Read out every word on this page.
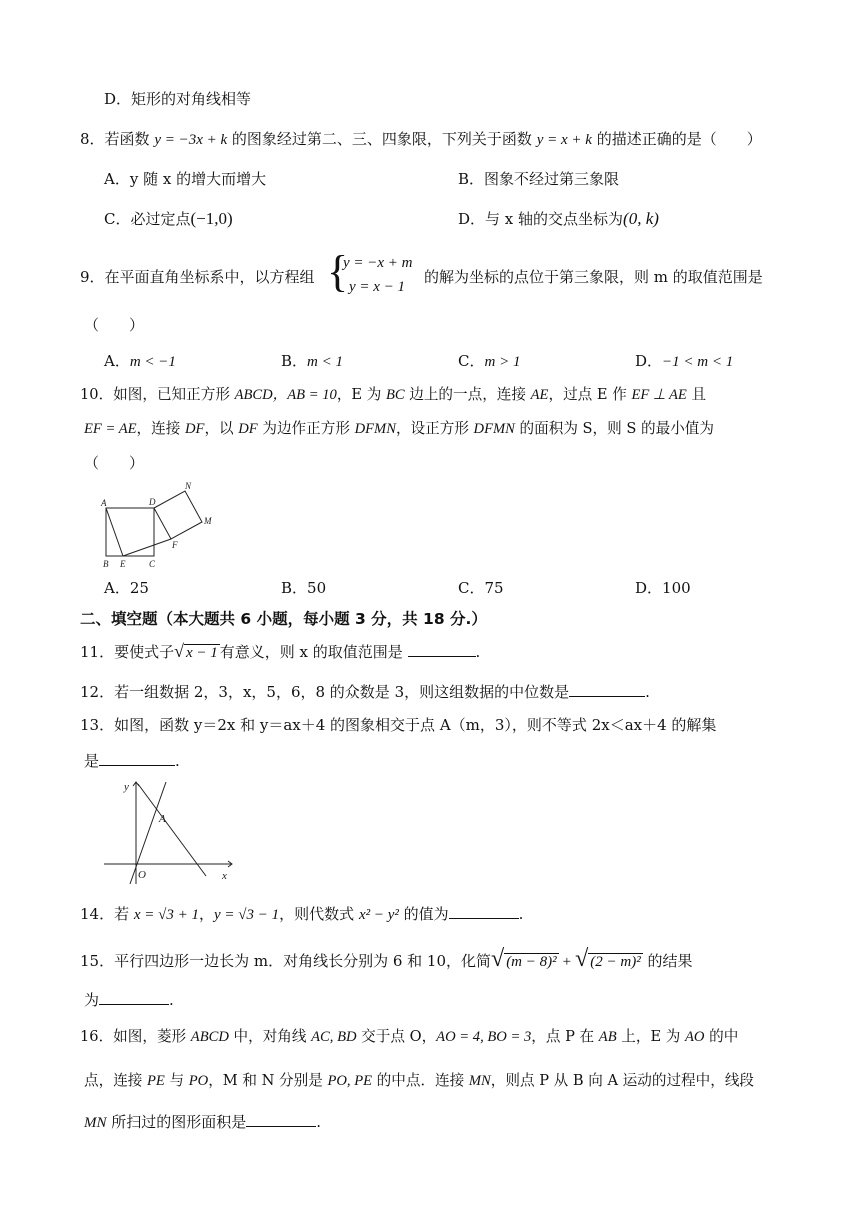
D．矩形的对角线相等
8．若函数 y = −3x + k 的图象经过第二、三、四象限，下列关于函数 y = x + k 的描述正确的是（　　）
A．y 随 x 的增大而增大	B．图象不经过第三象限
C．必过定点(−1,0)	D．与 x 轴的交点坐标为(0, k)
9．在平面直角坐标系中，以方程组 {
y = −x + m
y = x − 1
的解为坐标的点位于第三象限，则 m 的取值范围是
（　　）
A．m < −1	B．m < 1	C．m > 1	D．−1 < m < 1
10．如图，已知正方形 ABCD，AB = 10，E 为 BC 边上的一点，连接 AE，过点 E 作 EF ⊥ AE 且
EF = AE，连接 DF，以 DF 为边作正方形 DFMN，设正方形 DFMN 的面积为 S，则 S 的最小值为
（　　）
A	D
N
M
F
B E	C
A．25	B．50	C．75	D．100
二、填空题（本大题共 6 小题，每小题 3 分，共 18 分.）
11．要使式子√ x − 1 有意义，则 x 的取值范围是	.
12．若一组数据 2，3，x，5，6，8 的众数是 3，则这组数据的中位数是	.
13．如图，函数 y＝2x 和 y＝ax＋4 的图象相交于点 A（m，3），则不等式 2x＜ax＋4 的解集
是	.
y
A
O	x
14．若 x = √3 + 1，y = √3 − 1，则代数式 x² − y² 的值为	.
15．平行四边形一边长为 m．对角线长分别为 6 和 10，化简√ (m − 8)² + √ (2 − m)² 的结果
为	.
16．如图，菱形 ABCD 中，对角线 AC, BD 交于点 O，AO = 4, BO = 3，点 P 在 AB 上，E 为 AO 的中
点，连接 PE 与 PO，M 和 N 分别是 PO, PE 的中点．连接 MN，则点 P 从 B 向 A 运动的过程中，线段
MN 所扫过的图形面积是	.
